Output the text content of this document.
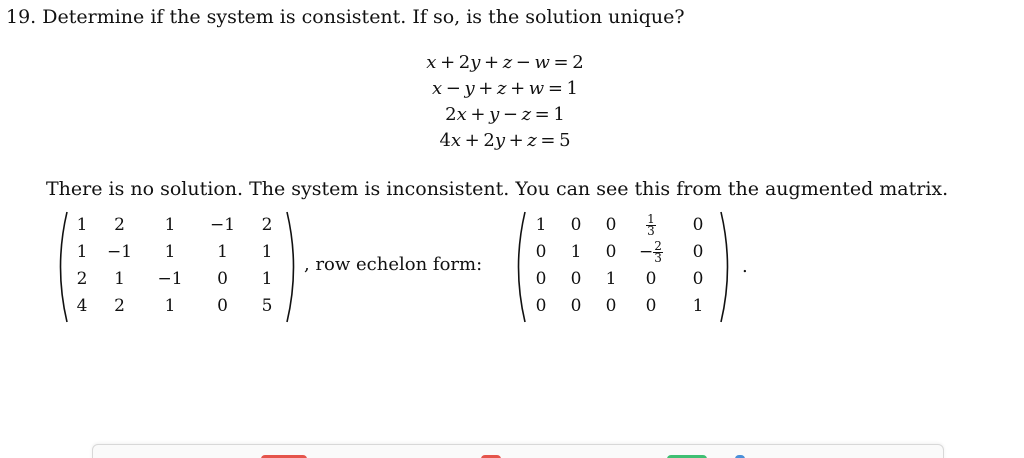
19. Determine if the system is consistent. If so, is the solution unique?
x  +  2y  +  z  −  w  =  2
x  −  y  +  z  +  w  =  1
2x  +  y  −  z  =  1
4x  +  2y  +  z  =  5
There is no solution. The system is inconsistent. You can see this from the augmented matrix.
1	2	1	−1	2
1	−1	1	1	1
2	1	−1	0	1
4	2	1	0	5
, row echelon form:
1	0	0	$\frac{1}{3}$	0
0	1	0	− $\frac{2}{3}$	0
0	0	1	0	0
0	0	0	0	1
.
